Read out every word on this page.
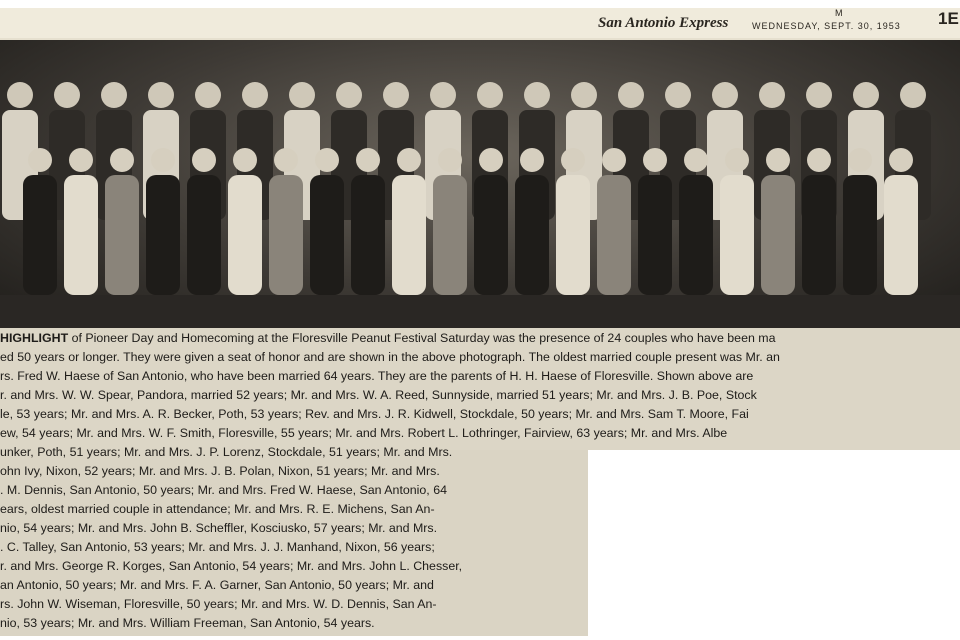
San Antonio Express
M
WEDNESDAY, SEPT. 30, 1953 1E
HIGHLIGHT of Pioneer Day and Homecoming at the Floresville Peanut Festival Saturday was the presence of 24 couples who have been ma
ed 50 years or longer. They were given a seat of honor and are shown in the above photograph. The oldest married couple present was Mr. an
rs. Fred W. Haese of San Antonio, who have been married 64 years. They are the parents of H. H. Haese of Floresville. Shown above are
r. and Mrs. W. W. Spear, Pandora, married 52 years; Mr. and Mrs. W. A. Reed, Sunnyside, married 51 years; Mr. and Mrs. J. B. Poe, Stock
le, 53 years; Mr. and Mrs. A. R. Becker, Poth, 53 years; Rev. and Mrs. J. R. Kidwell, Stockdale, 50 years; Mr. and Mrs. Sam T. Moore, Fai
ew, 54 years; Mr. and Mrs. W. F. Smith, Floresville, 55 years; Mr. and Mrs. Robert L. Lothringer, Fairview, 63 years; Mr. and Mrs. Albe
unker, Poth, 51 years; Mr. and Mrs. J. P. Lorenz, Stockdale, 51 years; Mr. and Mrs.
ohn Ivy, Nixon, 52 years; Mr. and Mrs. J. B. Polan, Nixon, 51 years; Mr. and Mrs.
. M. Dennis, San Antonio, 50 years; Mr. and Mrs. Fred W. Haese, San Antonio, 64
ears, oldest married couple in attendance; Mr. and Mrs. R. E. Michens, San An-
nio, 54 years; Mr. and Mrs. John B. Scheffler, Kosciusko, 57 years; Mr. and Mrs.
. C. Talley, San Antonio, 53 years; Mr. and Mrs. J. J. Manhand, Nixon, 56 years;
r. and Mrs. George R. Korges, San Antonio, 54 years; Mr. and Mrs. John L. Chesser,
an Antonio, 50 years; Mr. and Mrs. F. A. Garner, San Antonio, 50 years; Mr. and
rs. John W. Wiseman, Floresville, 50 years; Mr. and Mrs. W. D. Dennis, San An-
nio, 53 years; Mr. and Mrs. William Freeman, San Antonio, 54 years.
